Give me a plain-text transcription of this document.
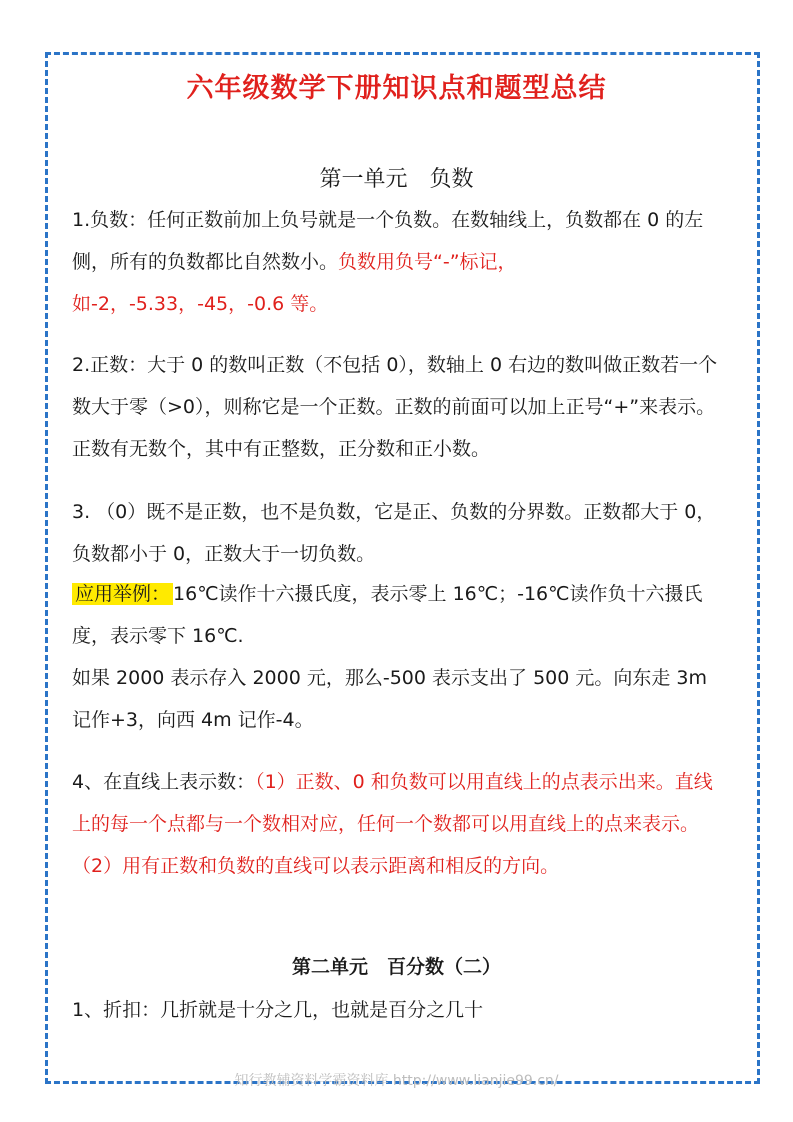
六年级数学下册知识点和题型总结
第一单元　负数
1.负数：任何正数前加上负号就是一个负数。在数轴线上，负数都在 0 的左侧，所有的负数都比自然数小。负数用负号“-”标记，如-2，-5.33，-45，-0.6 等。
2.正数：大于 0 的数叫正数（不包括 0），数轴上 0 右边的数叫做正数若一个数大于零（>0），则称它是一个正数。正数的前面可以加上正号“+”来表示。正数有无数个，其中有正整数，正分数和正小数。
3. （0）既不是正数，也不是负数，它是正、负数的分界数。正数都大于 0，负数都小于 0，正数大于一切负数。
应用举例： 16℃读作十六摄氏度，表示零上 16℃；-16℃读作负十六摄氏度，表示零下 16℃.
如果 2000 表示存入 2000 元，那么-500 表示支出了 500 元。向东走 3m 记作+3，向西 4m 记作-4。
4、在直线上表示数：（1）正数、0 和负数可以用直线上的点表示出来。直线上的每一个点都与一个数相对应，任何一个数都可以用直线上的点来表示。（2）用有正数和负数的直线可以表示距离和相反的方向。
第二单元　百分数（二）
1、折扣：几折就是十分之几，也就是百分之几十
知行教辅资料学霸资料库 http://www.lianjie99.cn/
